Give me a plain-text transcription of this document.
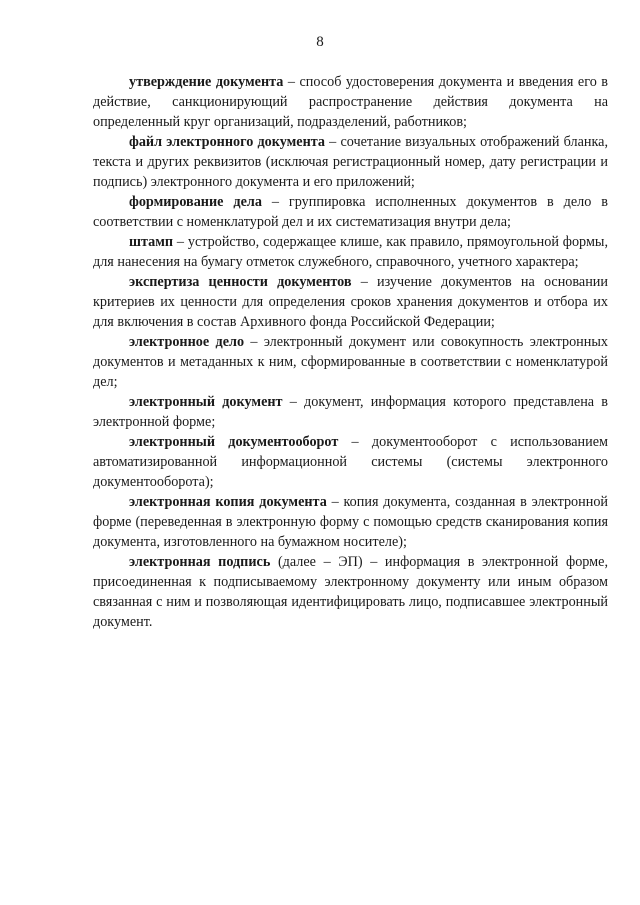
8

утверждение документа – способ удостоверения документа и введения его в действие, санкционирующий распространение действия документа на определенный круг организаций, подразделений, работников;

файл электронного документа – сочетание визуальных отображений бланка, текста и других реквизитов (исключая регистрационный номер, дату регистрации и подпись) электронного документа и его приложений;

формирование дела – группировка исполненных документов в дело в соответствии с номенклатурой дел и их систематизация внутри дела;

штамп – устройство, содержащее клише, как правило, прямоугольной формы, для нанесения на бумагу отметок служебного, справочного, учетного характера;

экспертиза ценности документов – изучение документов на основании критериев их ценности для определения сроков хранения документов и отбора их для включения в состав Архивного фонда Российской Федерации;

электронное дело – электронный документ или совокупность электронных документов и метаданных к ним, сформированные в соответствии с номенклатурой дел;

электронный документ – документ, информация которого представлена в электронной форме;

электронный документооборот – документооборот с использованием автоматизированной информационной системы (системы электронного документооборота);

электронная копия документа – копия документа, созданная в электронной форме (переведенная в электронную форму с помощью средств сканирования копия документа, изготовленного на бумажном носителе);

электронная подпись (далее – ЭП) – информация в электронной форме, присоединенная к подписываемому электронному документу или иным образом связанная с ним и позволяющая идентифицировать лицо, подписавшее электронный документ.
